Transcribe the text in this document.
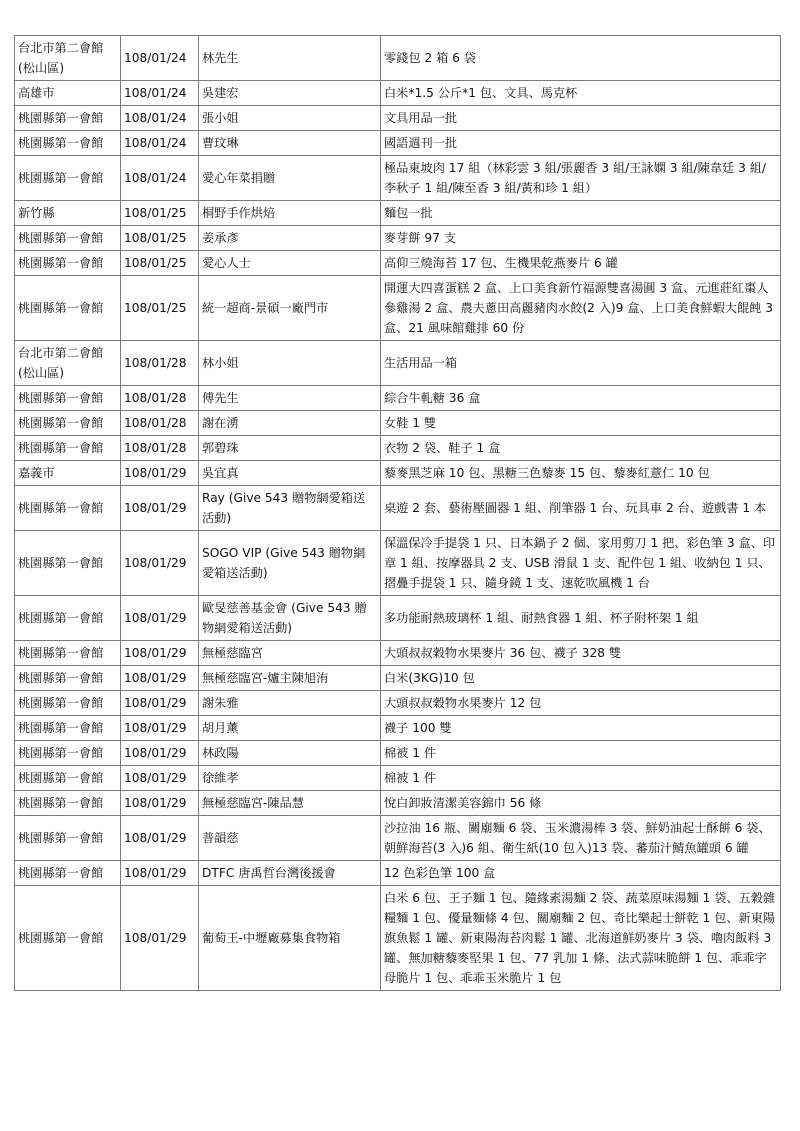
台北市第二會館(松山區)	108/01/24	林先生	零錢包 2 箱 6 袋
高雄市	108/01/24	吳建宏	白米*1.5 公斤*1 包、文具、馬克杯
桃園縣第一會館	108/01/24	張小姐	文具用品一批
桃園縣第一會館	108/01/24	曹玟琳	國語週刊一批
桃園縣第一會館	108/01/24	愛心年菜捐贈	極品東坡肉 17 組（林彩雲 3 組/張麗香 3 組/王詠嫻 3 組/陳韋廷 3 組/李秋子 1 組/陳至香 3 組/黃和珍 1 組）
新竹縣	108/01/25	桐野手作烘焙	麵包一批
桃園縣第一會館	108/01/25	姜承彥	麥芽餅 97 支
桃園縣第一會館	108/01/25	愛心人士	高仰三燒海苔 17 包、生機果乾燕麥片 6 罐
桃園縣第一會館	108/01/25	統一超商-景碩一廠門市	開運大四喜蛋糕 2 盒、上口美食新竹福源雙喜湯圓 3 盒、元進莊紅棗人參雞湯 2 盒、農夫蔥田高麗豬肉水餃(2 入)9 盒、上口美食鮮蝦大餛飩 3 盒、21 風味館雞排 60 份
台北市第二會館(松山區)	108/01/28	林小姐	生活用品一箱
桃園縣第一會館	108/01/28	傅先生	綜合牛軋糖 36 盒
桃園縣第一會館	108/01/28	謝在湧	女鞋 1 雙
桃園縣第一會館	108/01/28	郭碧珠	衣物 2 袋、鞋子 1 盒
嘉義市	108/01/29	吳宜真	藜麥黑芝麻 10 包、黑糖三色藜麥 15 包、藜麥紅薏仁 10 包
桃園縣第一會館	108/01/29	Ray (Give 543 贈物網愛箱送活動)	桌遊 2 套、藝術壓圖器 1 組、削筆器 1 台、玩具車 2 台、遊戲書 1 本
桃園縣第一會館	108/01/29	SOGO VIP (Give 543 贈物網愛箱送活動)	保溫保冷手提袋 1 只、日本鍋子 2 個、家用剪刀 1 把、彩色筆 3 盒、印章 1 組、按摩器具 2 支、USB 滑鼠 1 支、配件包 1 組、收納包 1 只、摺疊手提袋 1 只、隨身鏡 1 支、速乾吹風機 1 台
桃園縣第一會館	108/01/29	歐旻慈善基金會 (Give 543 贈物網愛箱送活動)	多功能耐熱玻璃杯 1 組、耐熱食器 1 組、杯子附杯架 1 組
桃園縣第一會館	108/01/29	無極慈臨宮	大頭叔叔穀物水果麥片 36 包、襪子 328 雙
桃園縣第一會館	108/01/29	無極慈臨宮-爐主陳旭洧	白米(3KG)10 包
桃園縣第一會館	108/01/29	謝朱雅	大頭叔叔穀物水果麥片 12 包
桃園縣第一會館	108/01/29	胡月薰	襪子 100 雙
桃園縣第一會館	108/01/29	林政陽	棉被 1 件
桃園縣第一會館	108/01/29	徐維孝	棉被 1 件
桃園縣第一會館	108/01/29	無極慈臨宮-陳品慧	悅白卸妝清潔美容錦巾 56 條
桃園縣第一會館	108/01/29	普韻慈	沙拉油 16 瓶、關廟麵 6 袋、玉米濃湯棒 3 袋、鮮奶油起士酥餅 6 袋、朝鮮海苔(3 入)6 組、衛生紙(10 包入)13 袋、蕃茄汁鯖魚罐頭 6 罐
桃園縣第一會館	108/01/29	DTFC 唐禹哲台灣後援會	12 色彩色筆 100 盒
桃園縣第一會館	108/01/29	葡萄王-中壢廠募集食物箱	白米 6 包、王子麵 1 包、隨緣素湯麵 2 袋、蔬菜原味湯麵 1 袋、五穀雜糧麵 1 包、優量麵條 4 包、關廟麵 2 包、奇比樂起士餅乾 1 包、新東陽旗魚鬆 1 罐、新東陽海苔肉鬆 1 罐、北海道鮮奶麥片 3 袋、嚕肉飯料 3 罐、無加糖藜麥堅果 1 包、77 乳加 1 條、法式蒜味脆餅 1 包、乖乖字母脆片 1 包、乖乖玉米脆片 1 包
